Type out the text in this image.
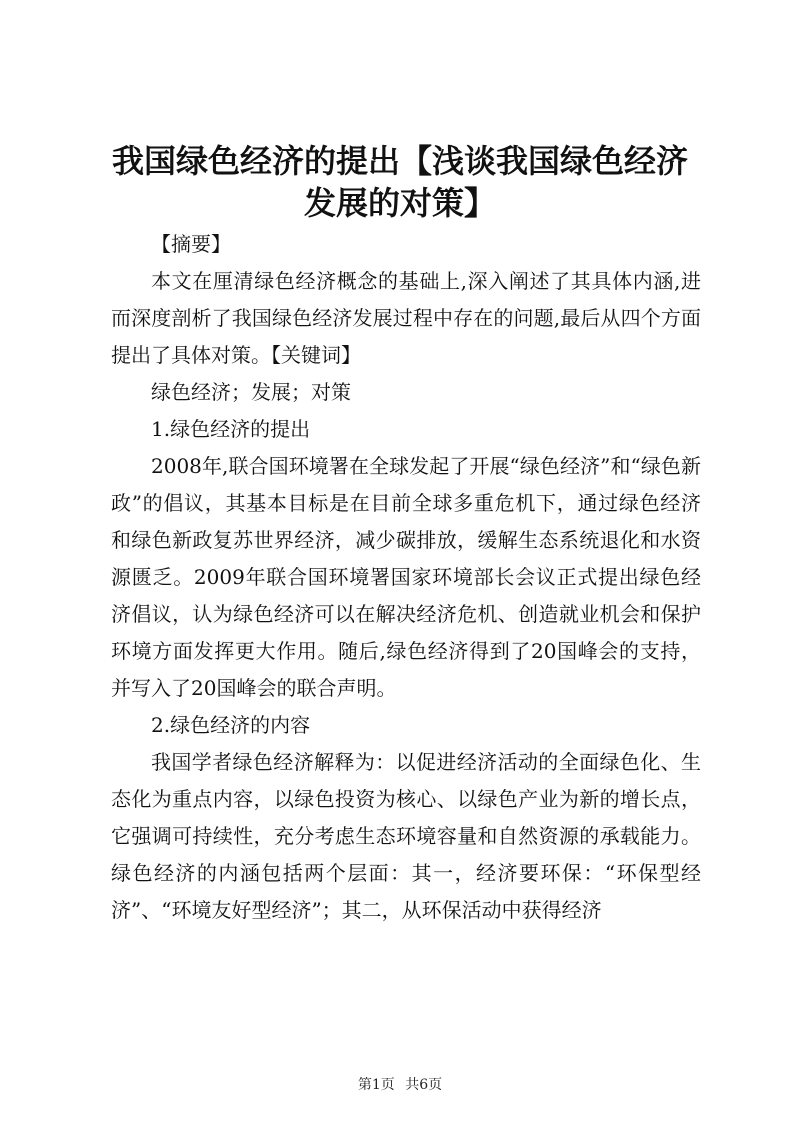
我国绿色经济的提出【浅谈我国绿色经济发展的对策】

【摘要】

本文在厘清绿色经济概念的基础上,深入阐述了其具体内涵,进而深度剖析了我国绿色经济发展过程中存在的问题,最后从四个方面提出了具体对策。【关键词】

绿色经济；发展；对策

1.绿色经济的提出

2008年,联合国环境署在全球发起了开展“绿色经济”和“绿色新政”的倡议，其基本目标是在目前全球多重危机下，通过绿色经济和绿色新政复苏世界经济，减少碳排放，缓解生态系统退化和水资源匮乏。2009年联合国环境署国家环境部长会议正式提出绿色经济倡议，认为绿色经济可以在解决经济危机、创造就业机会和保护环境方面发挥更大作用。随后,绿色经济得到了20国峰会的支持，并写入了20国峰会的联合声明。

2.绿色经济的内容

我国学者绿色经济解释为：以促进经济活动的全面绿色化、生态化为重点内容，以绿色投资为核心、以绿色产业为新的增长点，它强调可持续性，充分考虑生态环境容量和自然资源的承载能力。绿色经济的内涵包括两个层面：其一，经济要环保：“环保型经济”、“环境友好型经济”；其二，从环保活动中获得经济

第1页 共6页
